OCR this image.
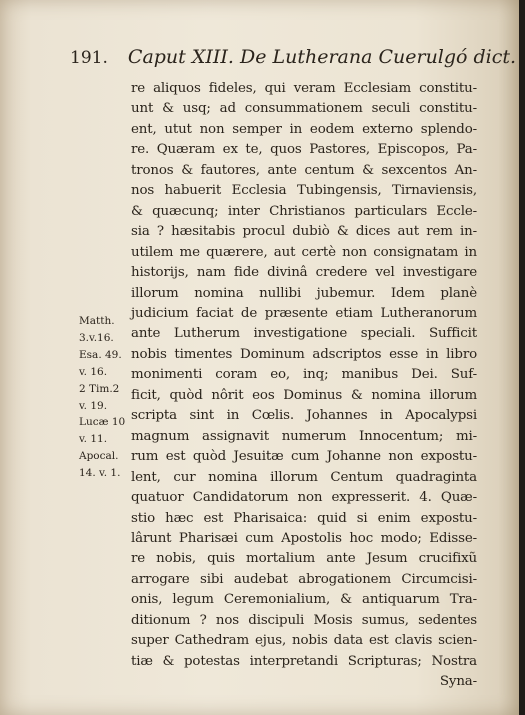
191. Caput XIII. De Lutherana Cuerulgó dict.
Matth.
3.v.16.
Esa. 49.
v. 16.
2 Tim.2
v. 19.
Lucæ 10
v. 11.
Apocal.
14. v. 1.
re aliquos fideles, qui veram Ecclesiam constitu-
unt & usq; ad consummationem seculi constitu-
ent, utut non semper in eodem externo splendo-
re. Quæram ex te, quos Pastores, Episcopos, Pa-
tronos & fautores, ante centum & sexcentos An-
nos habuerit Ecclesia Tubingensis, Tirnaviensis,
& quæcunq; inter Christianos particulars Eccle-
sia ? hæsitabis procul dubiò & dices aut rem in-
utilem me quærere, aut certè non consignatam in
historijs, nam fide divinâ credere vel investigare
illorum nomina nullibi jubemur. Idem planè
judicium faciat de præsente etiam Lutheranorum
ante Lutherum investigatione speciali. Sufficit
nobis timentes Dominum adscriptos esse in libro
monimenti coram eo, inq; manibus Dei. Suf-
ficit, quòd nôrit eos Dominus & nomina illorum
scripta sint in Cœlis. Johannes in Apocalypsi
magnum assignavit numerum Innocentum; mi-
rum est quòd Jesuitæ cum Johanne non expostu-
lent, cur nomina illorum Centum quadraginta
quatuor Candidatorum non expresserit. 4. Quæ-
stio hæc est Pharisaica: quid si enim expostu-
lârunt Pharisæi cum Apostolis hoc modo; Edisse-
re nobis, quis mortalium ante Jesum crucifixũ
arrogare sibi audebat abrogationem Circumcisi-
onis, legum Ceremonialium, & antiquarum Tra-
ditionum ? nos discipuli Mosis sumus, sedentes
super Cathedram ejus, nobis data est clavis scien-
tiæ & potestas interpretandi Scripturas; Nostra
Syna-
